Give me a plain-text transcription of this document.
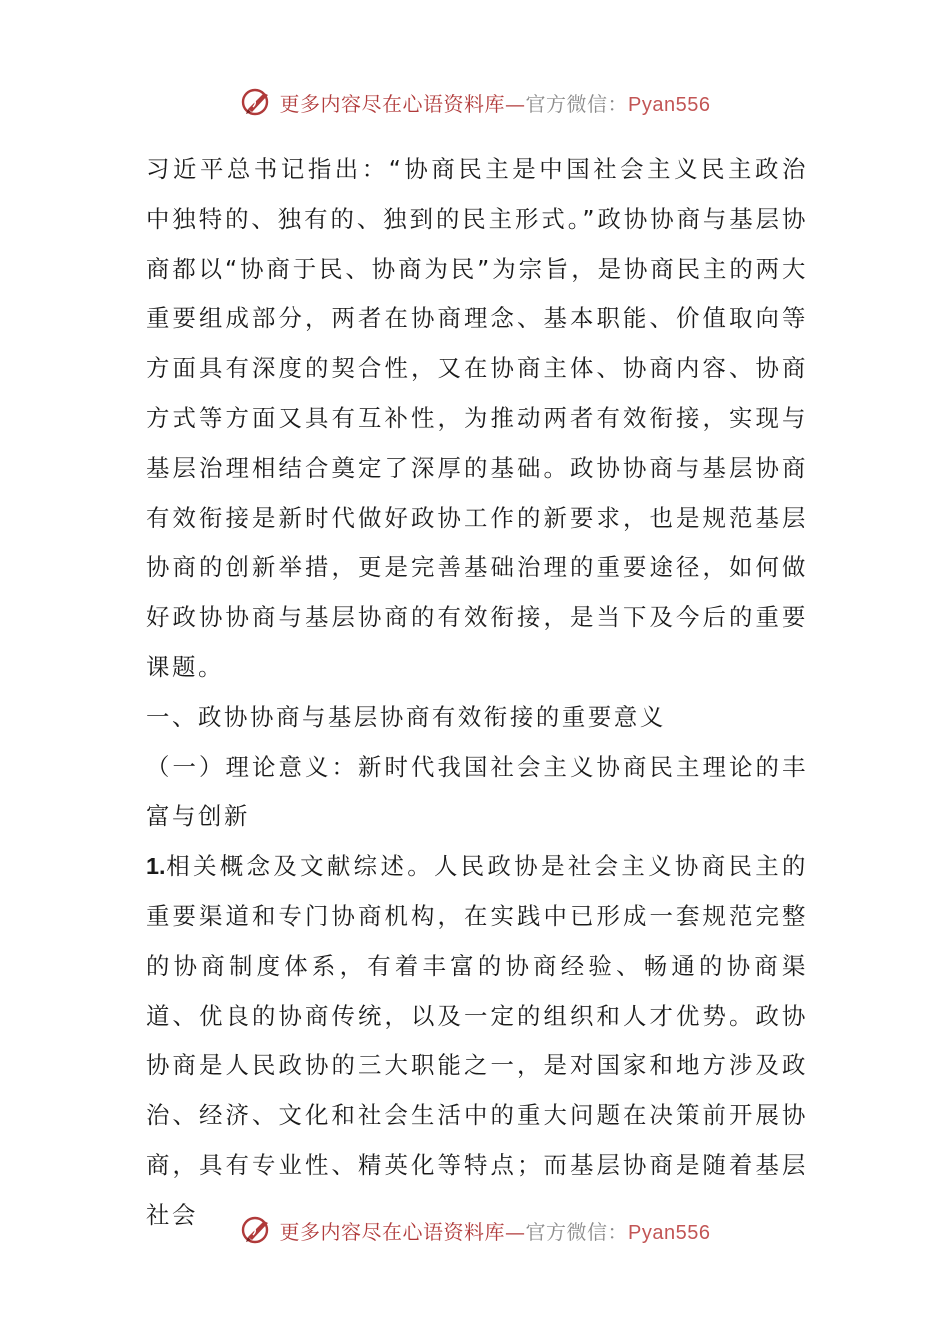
更多内容尽在心语资料库—官方微信：Pyan556

习近平总书记指出：“协商民主是中国社会主义民主政治中独特的、独有的、独到的民主形式。”政协协商与基层协商都以“协商于民、协商为民”为宗旨，是协商民主的两大重要组成部分，两者在协商理念、基本职能、价值取向等方面具有深度的契合性，又在协商主体、协商内容、协商方式等方面又具有互补性，为推动两者有效衔接，实现与基层治理相结合奠定了深厚的基础。政协协商与基层协商有效衔接是新时代做好政协工作的新要求，也是规范基层协商的创新举措，更是完善基础治理的重要途径，如何做好政协协商与基层协商的有效衔接，是当下及今后的重要课题。

一、政协协商与基层协商有效衔接的重要意义

（一）理论意义：新时代我国社会主义协商民主理论的丰富与创新

1.相关概念及文献综述。人民政协是社会主义协商民主的重要渠道和专门协商机构，在实践中已形成一套规范完整的协商制度体系，有着丰富的协商经验、畅通的协商渠道、优良的协商传统，以及一定的组织和人才优势。政协协商是人民政协的三大职能之一，是对国家和地方涉及政治、经济、文化和社会生活中的重大问题在决策前开展协商，具有专业性、精英化等特点；而基层协商是随着基层社会

更多内容尽在心语资料库—官方微信：Pyan556
